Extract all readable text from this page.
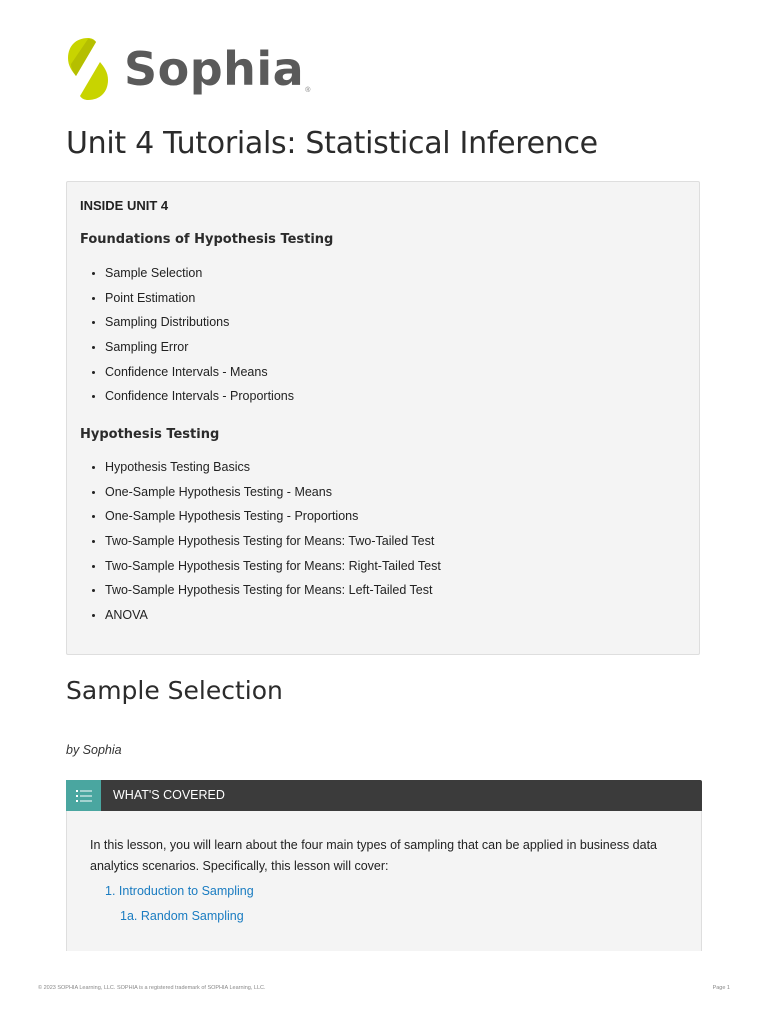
Sophia ®
Unit 4 Tutorials: Statistical Inference
INSIDE UNIT 4
Foundations of Hypothesis Testing
Sample Selection
Point Estimation
Sampling Distributions
Sampling Error
Confidence Intervals - Means
Confidence Intervals - Proportions
Hypothesis Testing
Hypothesis Testing Basics
One-Sample Hypothesis Testing - Means
One-Sample Hypothesis Testing - Proportions
Two-Sample Hypothesis Testing for Means: Two-Tailed Test
Two-Sample Hypothesis Testing for Means: Right-Tailed Test
Two-Sample Hypothesis Testing for Means: Left-Tailed Test
ANOVA
Sample Selection
by Sophia
WHAT'S COVERED

In this lesson, you will learn about the four main types of sampling that can be applied in business data analytics scenarios. Specifically, this lesson will cover:

1. Introduction to Sampling
1a. Random Sampling
© 2023 SOPHIA Learning, LLC. SOPHIA is a registered trademark of SOPHIA Learning, LLC.	Page 1
